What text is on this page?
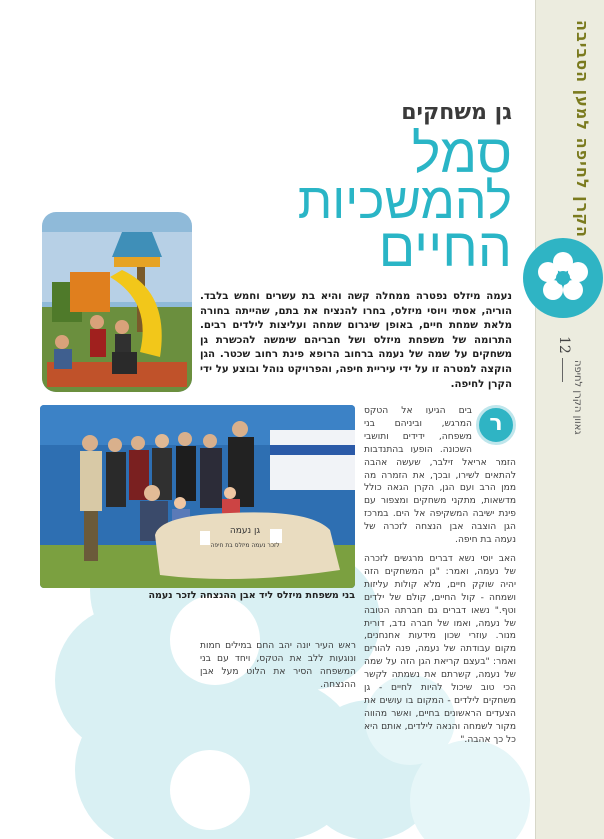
הקרן לחיפה למען הסביבה
גאוון הקרן לחיפה
12
גן משחקים
סמל
להמשכיות
החיים
נעמה מיזלס נפטרה ממחלה קשה והיא בת עשרים וחמש בלבד. הוריה, אסתי ויוסי מיזלס, בחרו להנציח את בתם, שהייתה בחורה מלאת שמחת חיים, באופן שיגרום שמחה ועליצות לילדים רבים. התרומה של משפחת מיזלס ושל חבריהם שימשה להכשרת גן משחקים על שמה של נעמה ברחוב הרופא פינת רחוב שכטר. הגן הוקצה למטרה זו על ידי עיריית חיפה, והפרויקט נוהל ובוצע על ידי הקרן לחיפה.
גן נעמה
לזכר נעמה מיזלס בת חיפה
בני משפחת מיזלס ליד אבן ההנצחה לזכר נעמה
ר

בים הגיעו אל הטקס המרגש, וביניהם בני משפחה, ידידים ותושבי השכונה. הופעו בהתנדבות הזמר אריאל זילבר, שעשה אהבה להתאים לשירו, ובכך, את הזמרה מה ממן הרב ועם הגן, הקרן הגאה כולל מדשאות, מתקני משחקים ומצפור עם פינת ישיבה המשקיפה אל הים. במרכז הגן הוצבה אבן הנצחה לזכרה של נעמה בת חיפה.

האב יוסי נשא דברים מרגשים לזכרה של נעמה, ואמר: "גן המשחקים הזה יהיה שוקק חיים, מלא קולות עליזות ושמחה - קול החיים, קולם של ילדים וטף." נשאו דברים גם חברתה הטובה של נעמה, ואמו של חברה נדב, דורית מנור. עוזרי שכון מידעות אחנחנים, מקום עבודתה של נעמה, פנה להורים ואמר: "בעצם קריאת הגן הזה על שמה של נעמה, קשרתם את נשמתה לקשר הכי טוב שיכול להיות לחיים - גן משחקים לילדים - המקום בו עושים את הצעדים הראשונים בחיים, ואשר מהווה מקור לשמחה והנאה לילדים, אותם היא כל כך אהבה."

ראש העיר יונה יהב החם במילים חמות ונוגעות ללב את הטקס, ויחד עם בני המשפחה הסיר את הלוט מעל אבן ההנצחה.
